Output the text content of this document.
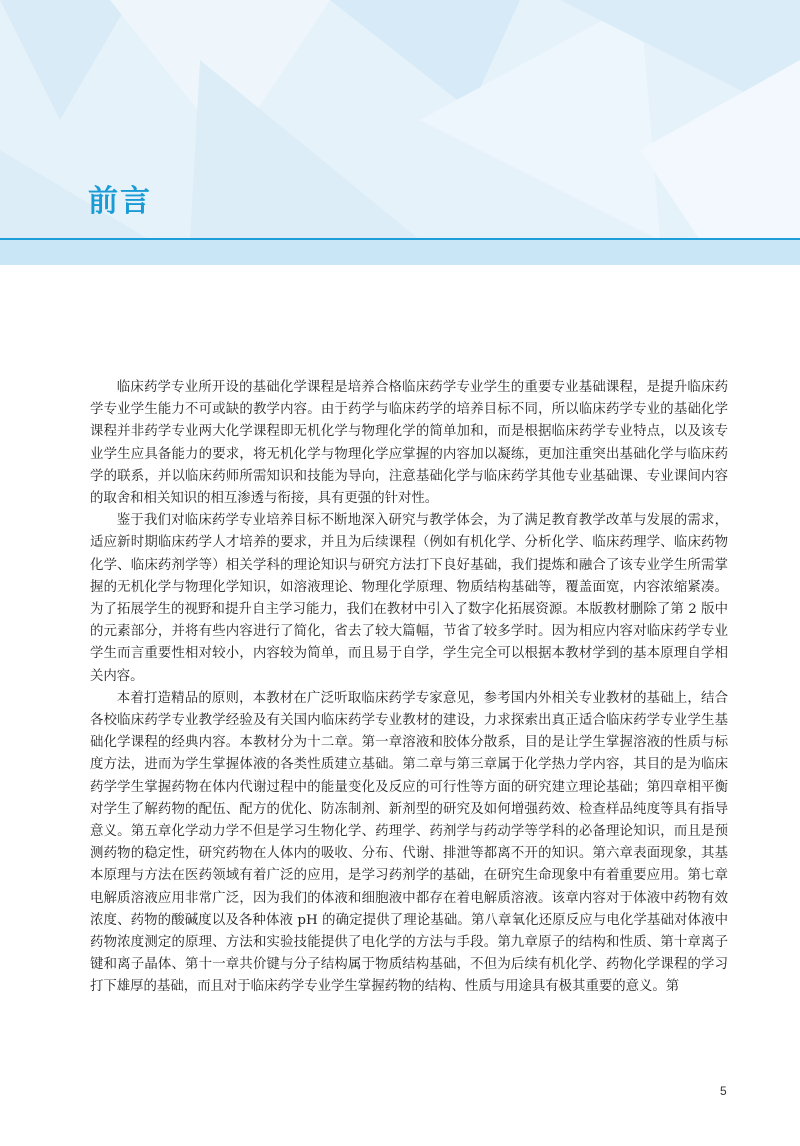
前言

临床药学专业所开设的基础化学课程是培养合格临床药学专业学生的重要专业基础课程，是提升临床药学专业学生能力不可或缺的教学内容。由于药学与临床药学的培养目标不同，所以临床药学专业的基础化学课程并非药学专业两大化学课程即无机化学与物理化学的简单加和，而是根据临床药学专业特点，以及该专业学生应具备能力的要求，将无机化学与物理化学应掌握的内容加以凝练，更加注重突出基础化学与临床药学的联系，并以临床药师所需知识和技能为导向，注意基础化学与临床药学其他专业基础课、专业课间内容的取舍和相关知识的相互渗透与衔接，具有更强的针对性。

鉴于我们对临床药学专业培养目标不断地深入研究与教学体会，为了满足教育教学改革与发展的需求，适应新时期临床药学人才培养的要求，并且为后续课程（例如有机化学、分析化学、临床药理学、临床药物化学、临床药剂学等）相关学科的理论知识与研究方法打下良好基础，我们提炼和融合了该专业学生所需掌握的无机化学与物理化学知识，如溶液理论、物理化学原理、物质结构基础等，覆盖面宽，内容浓缩紧凑。为了拓展学生的视野和提升自主学习能力，我们在教材中引入了数字化拓展资源。本版教材删除了第 2 版中的元素部分，并将有些内容进行了简化，省去了较大篇幅，节省了较多学时。因为相应内容对临床药学专业学生而言重要性相对较小，内容较为简单，而且易于自学，学生完全可以根据本教材学到的基本原理自学相关内容。

本着打造精品的原则，本教材在广泛听取临床药学专家意见，参考国内外相关专业教材的基础上，结合各校临床药学专业教学经验及有关国内临床药学专业教材的建设，力求探索出真正适合临床药学专业学生基础化学课程的经典内容。本教材分为十二章。第一章溶液和胶体分散系，目的是让学生掌握溶液的性质与标度方法，进而为学生掌握体液的各类性质建立基础。第二章与第三章属于化学热力学内容，其目的是为临床药学学生掌握药物在体内代谢过程中的能量变化及反应的可行性等方面的研究建立理论基础；第四章相平衡对学生了解药物的配伍、配方的优化、防冻制剂、新剂型的研究及如何增强药效、检查样品纯度等具有指导意义。第五章化学动力学不但是学习生物化学、药理学、药剂学与药动学等学科的必备理论知识，而且是预测药物的稳定性，研究药物在人体内的吸收、分布、代谢、排泄等都离不开的知识。第六章表面现象，其基本原理与方法在医药领域有着广泛的应用，是学习药剂学的基础，在研究生命现象中有着重要应用。第七章电解质溶液应用非常广泛，因为我们的体液和细胞液中都存在着电解质溶液。该章内容对于体液中药物有效浓度、药物的酸碱度以及各种体液 pH 的确定提供了理论基础。第八章氧化还原反应与电化学基础对体液中药物浓度测定的原理、方法和实验技能提供了电化学的方法与手段。第九章原子的结构和性质、第十章离子键和离子晶体、第十一章共价键与分子结构属于物质结构基础，不但为后续有机化学、药物化学课程的学习打下雄厚的基础，而且对于临床药学专业学生掌握药物的结构、性质与用途具有极其重要的意义。第

5
